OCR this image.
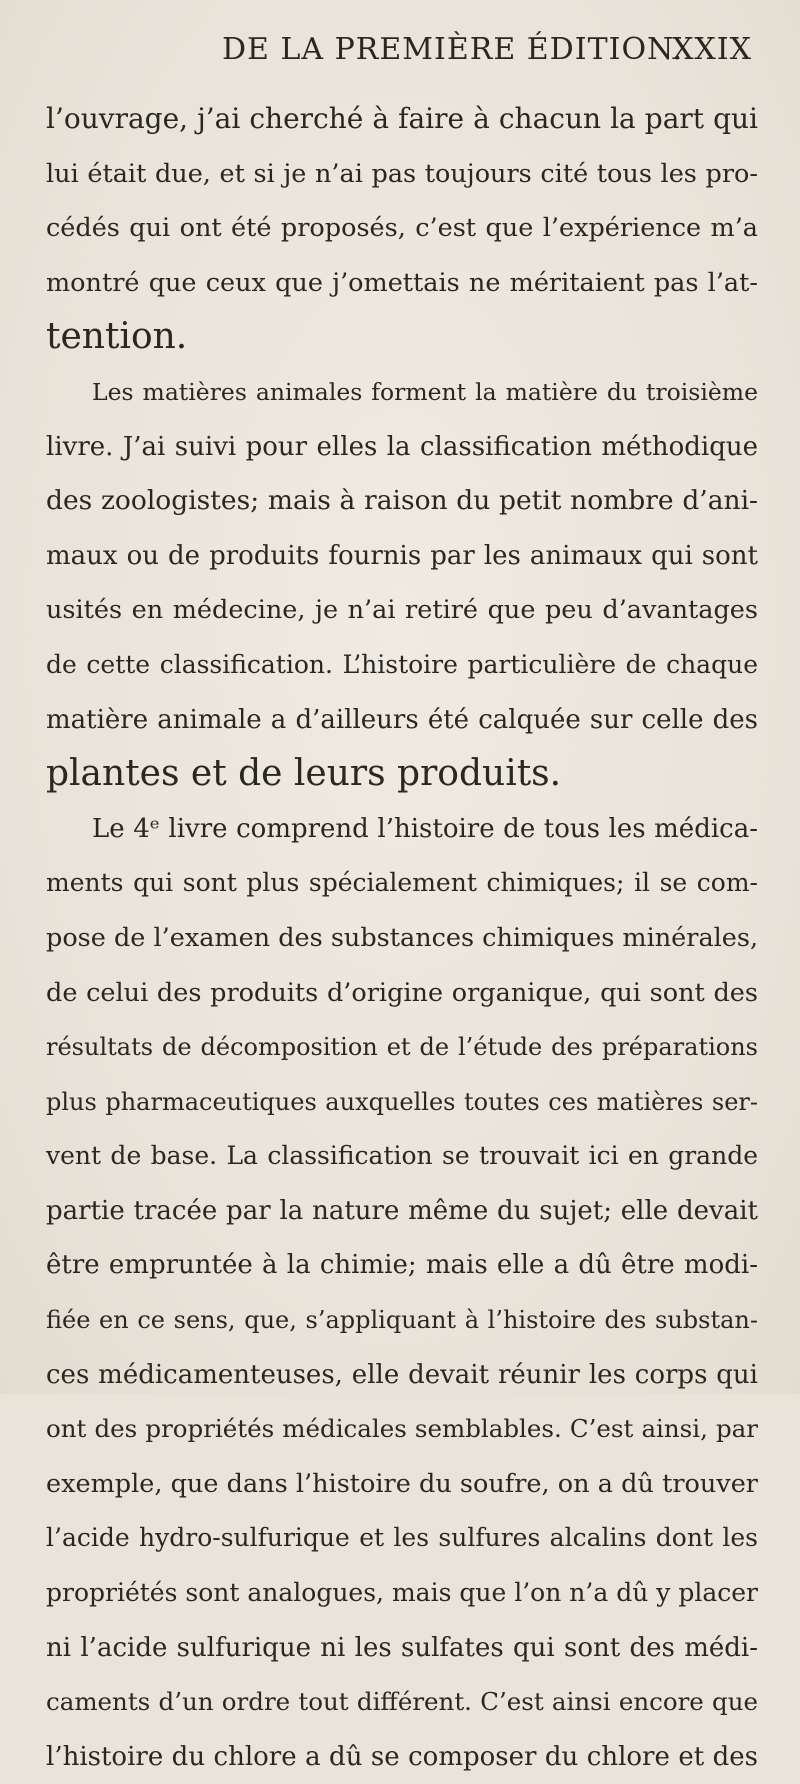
DE LA PREMIÈRE ÉDITION.
XXIX
l’ouvrage, j’ai cherché à faire à chacun la part qui
lui était due, et si je n’ai pas toujours cité tous les pro-
cédés qui ont été proposés, c’est que l’expérience m’a
montré que ceux que j’omettais ne méritaient pas l’at-
tention.
Les matières animales forment la matière du troisième
livre. J’ai suivi pour elles la classification méthodique
des zoologistes; mais à raison du petit nombre d’ani-
maux ou de produits fournis par les animaux qui sont
usités en médecine, je n’ai retiré que peu d’avantages
de cette classification. L’histoire particulière de chaque
matière animale a d’ailleurs été calquée sur celle des
plantes et de leurs produits.
Le 4ᵉ livre comprend l’histoire de tous les médica-
ments qui sont plus spécialement chimiques; il se com-
pose de l’examen des substances chimiques minérales,
de celui des produits d’origine organique, qui sont des
résultats de décomposition et de l’étude des préparations
plus pharmaceutiques auxquelles toutes ces matières ser-
vent de base. La classification se trouvait ici en grande
partie tracée par la nature même du sujet; elle devait
être empruntée à la chimie; mais elle a dû être modi-
fiée en ce sens, que, s’appliquant à l’histoire des substan-
ces médicamenteuses, elle devait réunir les corps qui
ont des propriétés médicales semblables. C’est ainsi, par
exemple, que dans l’histoire du soufre, on a dû trouver
l’acide hydro-sulfurique et les sulfures alcalins dont les
propriétés sont analogues, mais que l’on n’a dû y placer
ni l’acide sulfurique ni les sulfates qui sont des médi-
caments d’un ordre tout différent. C’est ainsi encore que
l’histoire du chlore a dû se composer du chlore et des
